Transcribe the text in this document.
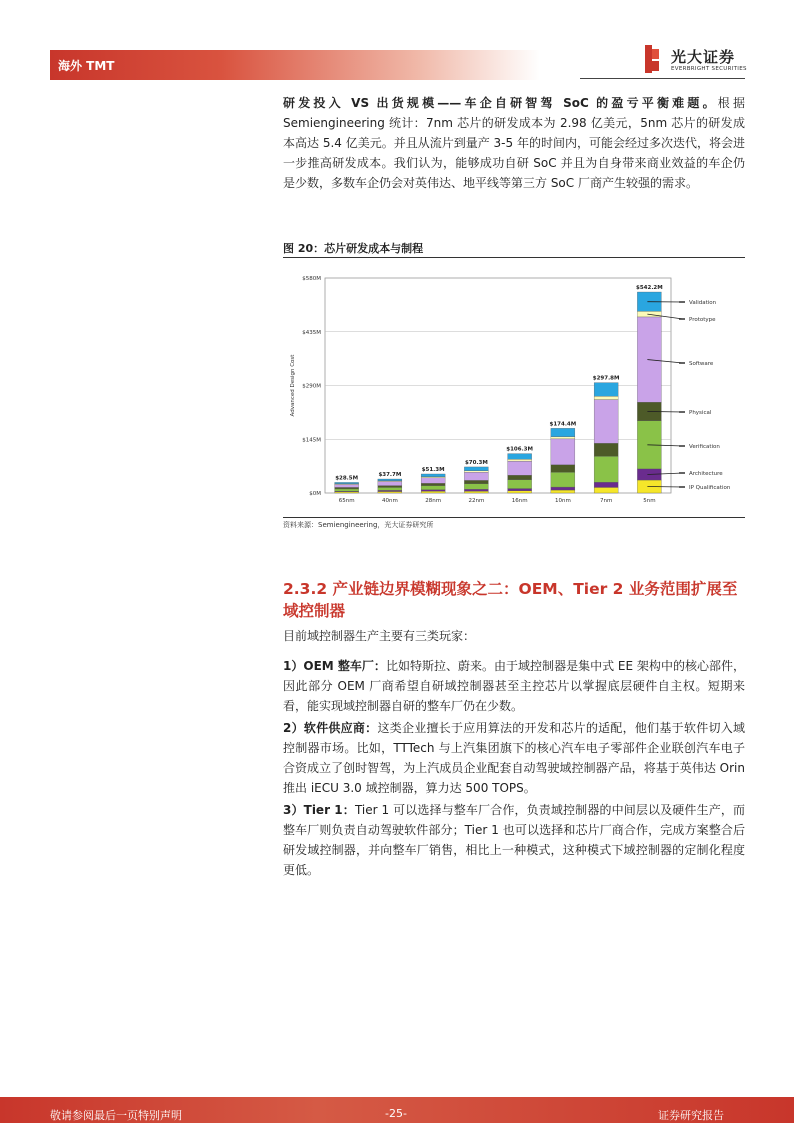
海外 TMT	光大证券
EVERBRIGHT SECURITIES
研发投入 VS 出货规模——车企自研智驾 SoC 的盈亏平衡难题。根据 Semiengineering 统计：7nm 芯片的研发成本为 2.98 亿美元，5nm 芯片的研发成本高达 5.4 亿美元。并且从流片到量产 3-5 年的时间内，可能会经过多次迭代，将会进一步推高研发成本。我们认为，能够成功自研 SoC 并且为自身带来商业效益的车企仍是少数，多数车企仍会对英伟达、地平线等第三方 SoC 厂商产生较强的需求。
图 20：芯片研发成本与制程
$0M
$145M
$290M
$435M
$580M
Advanced Design Cost
$28.5M
65nm
$37.7M
40nm
$51.3M
28nm
$70.3M
22nm
$106.3M
16nm
$174.4M
10nm
$297.8M
7nm
$542.2M
5nm
IP Qualification
Architecture
Verification
Physical
Software
Prototype
Validation
资料来源：Semiengineering，光大证券研究所
2.3.2 产业链边界模糊现象之二：OEM、Tier 2 业务范围扩展至域控制器
目前域控制器生产主要有三类玩家：
1）OEM 整车厂：比如特斯拉、蔚来。由于域控制器是集中式 EE 架构中的核心部件，因此部分 OEM 厂商希望自研域控制器甚至主控芯片以掌握底层硬件自主权。短期来看，能实现域控制器自研的整车厂仍在少数。
2）软件供应商：这类企业擅长于应用算法的开发和芯片的适配，他们基于软件切入域控制器市场。比如，TTTech 与上汽集团旗下的核心汽车电子零部件企业联创汽车电子合资成立了创时智驾，为上汽成员企业配套自动驾驶域控制器产品，将基于英伟达 Orin 推出 iECU 3.0 域控制器，算力达 500 TOPS。
3）Tier 1：Tier 1 可以选择与整车厂合作，负责域控制器的中间层以及硬件生产，而整车厂则负责自动驾驶软件部分；Tier 1 也可以选择和芯片厂商合作，完成方案整合后研发域控制器，并向整车厂销售，相比上一种模式，这种模式下域控制器的定制化程度更低。
敬请参阅最后一页特别声明	-25-	证券研究报告
